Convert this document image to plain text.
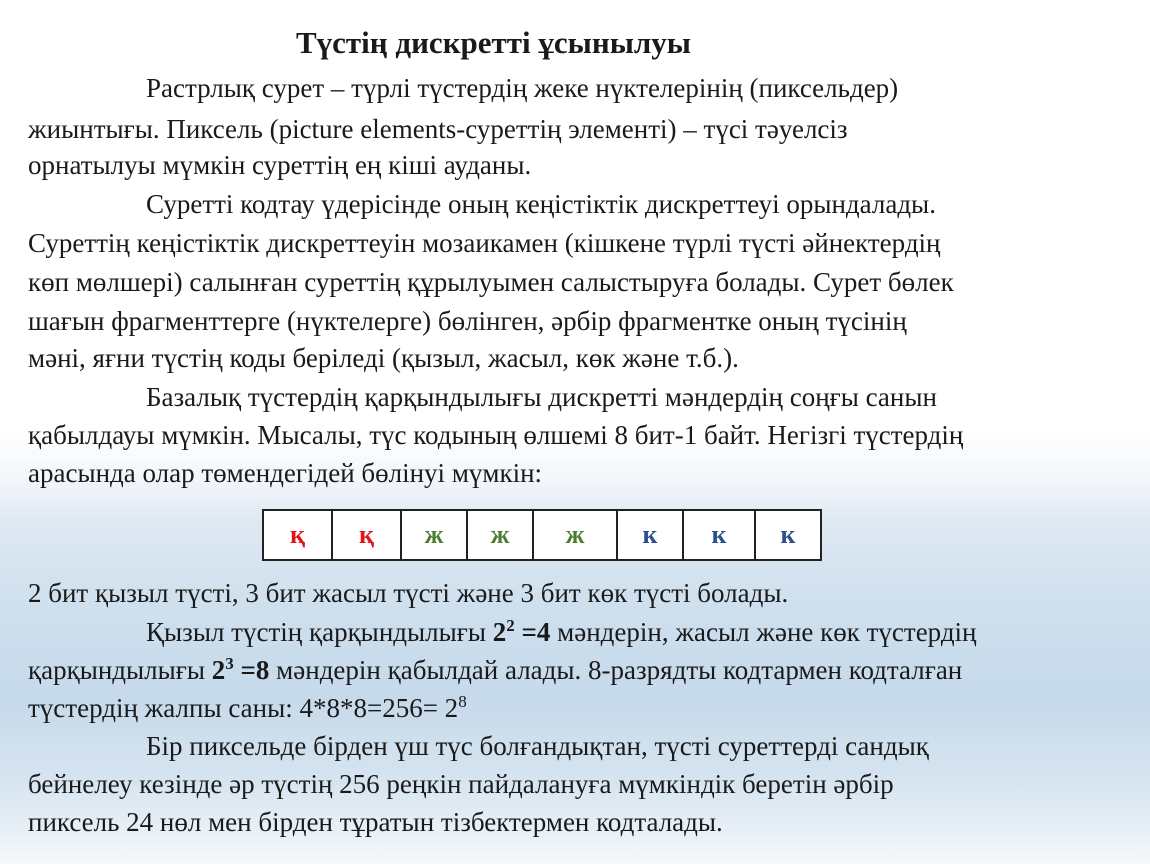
Түстің дискретті ұсынылуы
Растрлық сурет – түрлі түстердің жеке нүктелерінің (пиксельдер)
жиынтығы. Пиксель (picture elements-суреттің элементі) – түсі тәуелсіз
орнатылуы мүмкін суреттің ең кіші ауданы.
Суретті кодтау үдерісінде оның кеңістіктік дискреттеуі орындалады.
Суреттің кеңістіктік дискреттеуін мозаикамен (кішкене түрлі түсті әйнектердің
көп мөлшері) салынған суреттің құрылуымен салыстыруға болады. Сурет бөлек
шағын фрагменттерге (нүктелерге) бөлінген, әрбір фрагментке оның түсінің
мәні, яғни түстің коды беріледі (қызыл, жасыл, көк және т.б.).
Базалық түстердің қарқындылығы дискретті мәндердің соңғы санын
қабылдауы мүмкін. Мысалы, түс кодының өлшемі 8 бит-1 байт. Негізгі түстердің
арасында олар төмендегідей бөлінуі мүмкін:
қ	қ	ж	ж	ж	к	к	к
2 бит қызыл түсті, 3 бит жасыл түсті және 3 бит көк түсті болады.
Қызыл түстің қарқындылығы $2^2 =4$ мәндерін, жасыл және көк түстердің
қарқындылығы $2^3 =8$ мәндерін қабылдай алады. 8-разрядты кодтармен кодталған
түстердің жалпы саны: $4*8*8=256= 2^8$
Бір пиксельде бірден үш түс болғандықтан, түсті суреттерді сандық
бейнелеу кезінде әр түстің 256 реңкін пайдалануға мүмкіндік беретін әрбір
пиксель 24 нөл мен бірден тұратын тізбектермен кодталады.
